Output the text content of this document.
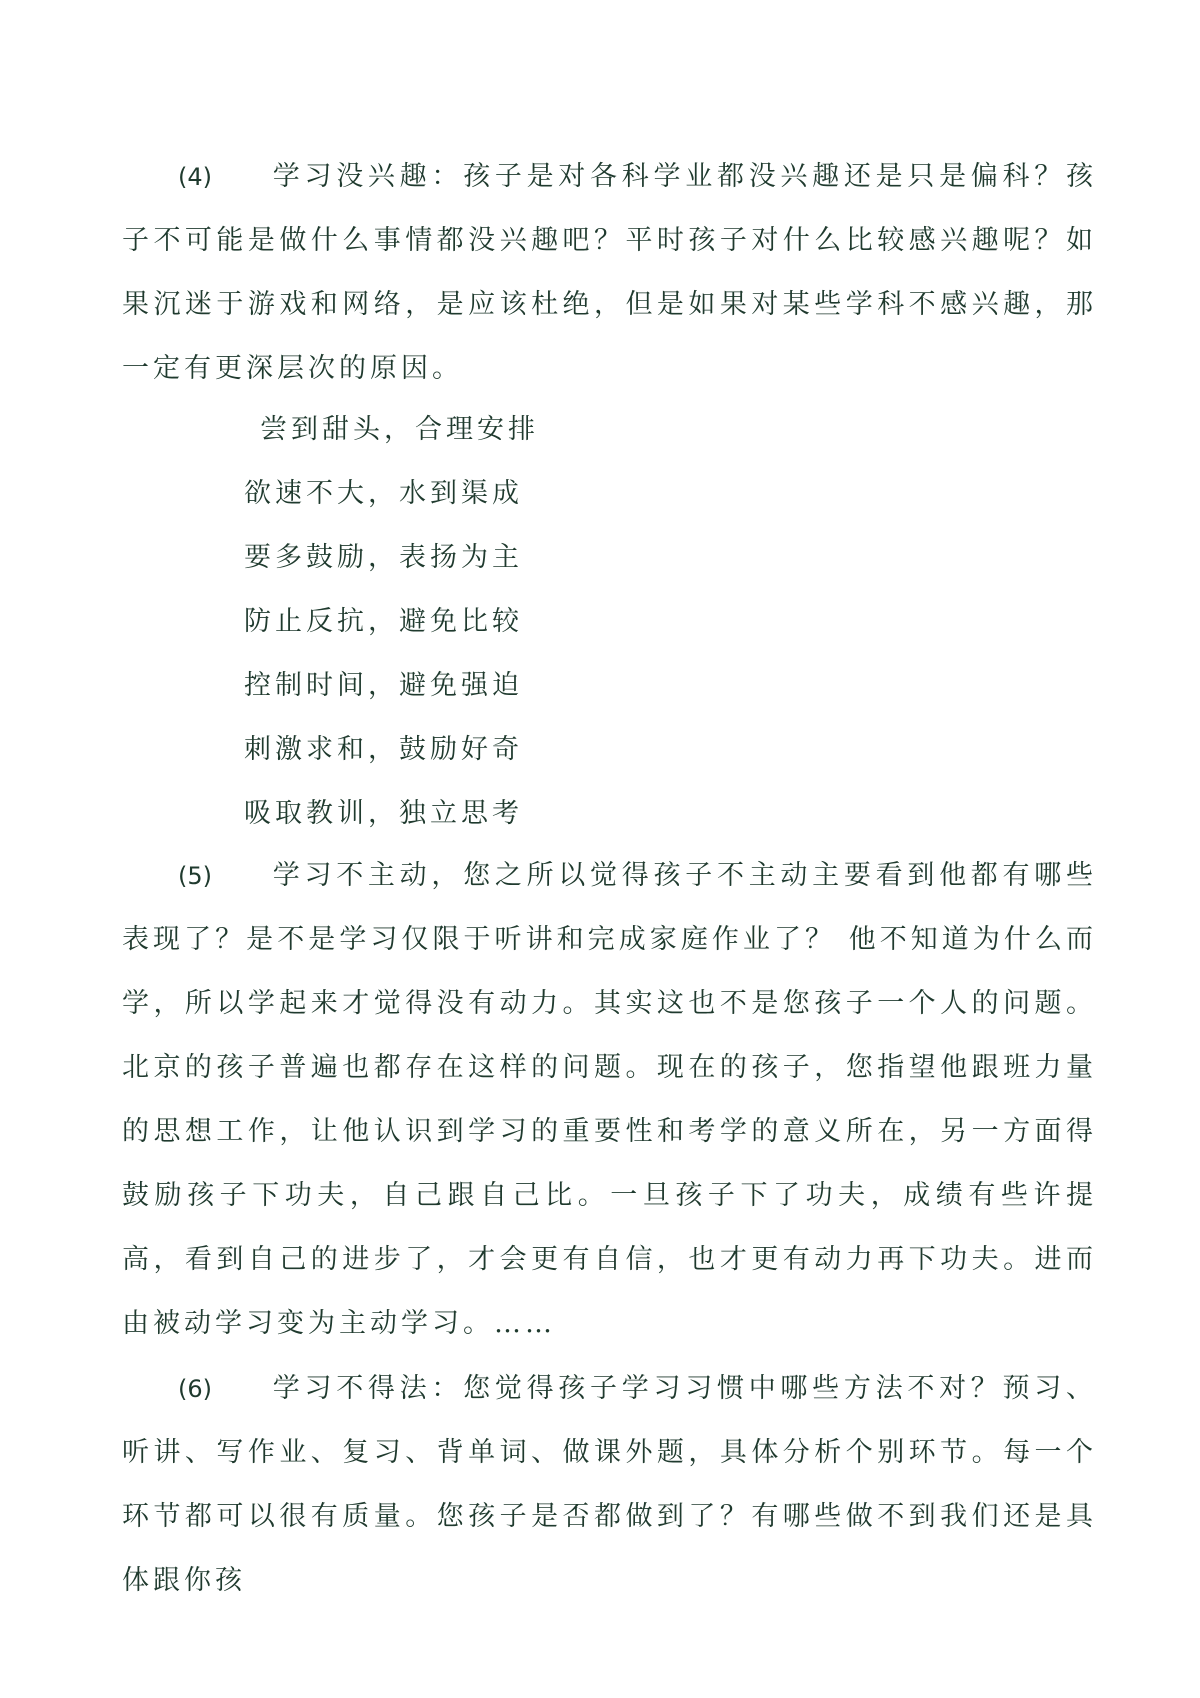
(4) 学习没兴趣：孩子是对各科学业都没兴趣还是只是偏科？孩子不可能是做什么事情都没兴趣吧？平时孩子对什么比较感兴趣呢？如果沉迷于游戏和网络，是应该杜绝，但是如果对某些学科不感兴趣，那一定有更深层次的原因。

尝到甜头，合理安排
欲速不大，水到渠成
要多鼓励，表扬为主
防止反抗，避免比较
控制时间，避免强迫
刺激求和，鼓励好奇
吸取教训，独立思考

(5) 学习不主动，您之所以觉得孩子不主动主要看到他都有哪些表现了？是不是学习仅限于听讲和完成家庭作业了？ 他不知道为什么而学，所以学起来才觉得没有动力。其实这也不是您孩子一个人的问题。北京的孩子普遍也都存在这样的问题。现在的孩子，您指望他跟班力量的思想工作，让他认识到学习的重要性和考学的意义所在，另一方面得鼓励孩子下功夫，自己跟自己比。一旦孩子下了功夫，成绩有些许提高，看到自己的进步了，才会更有自信，也才更有动力再下功夫。进而由被动学习变为主动学习。……

(6) 学习不得法：您觉得孩子学习习惯中哪些方法不对？预习、听讲、写作业、复习、背单词、做课外题，具体分析个别环节。每一个环节都可以很有质量。您孩子是否都做到了？有哪些做不到我们还是具体跟你孩
